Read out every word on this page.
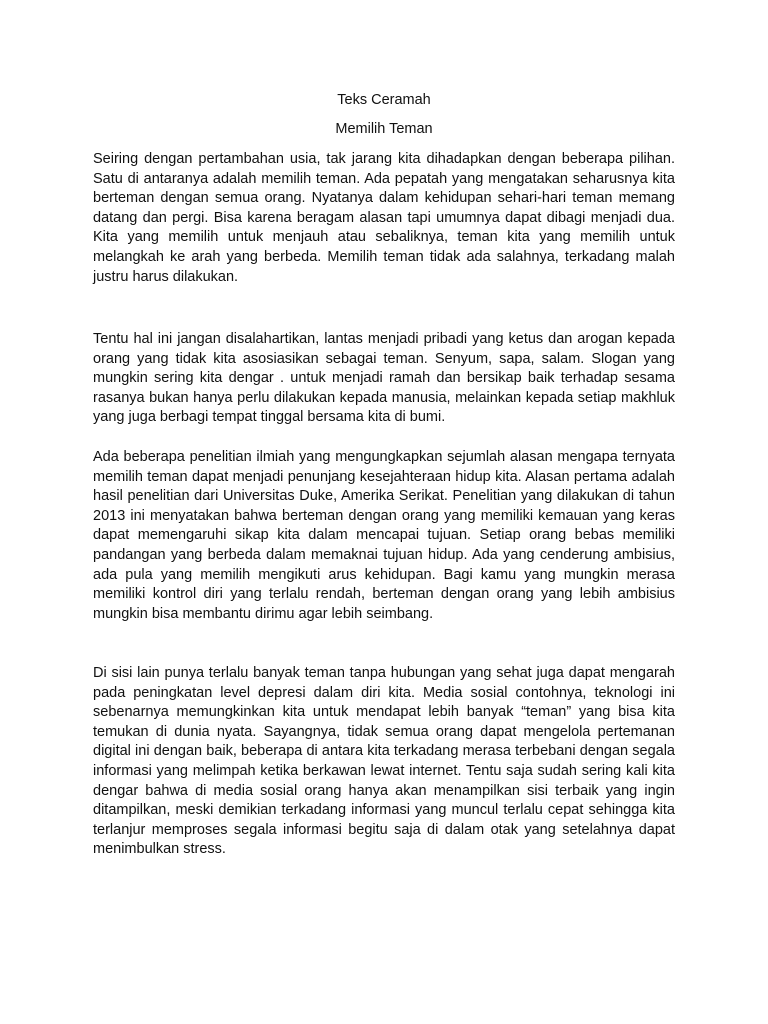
Teks Ceramah

Memilih Teman

Seiring dengan pertambahan usia, tak jarang kita dihadapkan dengan beberapa pilihan. Satu di antaranya adalah memilih teman. Ada pepatah yang mengatakan seharusnya kita berteman dengan semua orang. Nyatanya dalam kehidupan sehari-hari teman memang datang dan pergi. Bisa karena beragam alasan tapi umumnya dapat dibagi menjadi dua. Kita yang memilih untuk menjauh atau sebaliknya, teman kita yang memilih untuk melangkah ke arah yang berbeda. Memilih teman tidak ada salahnya, terkadang malah justru harus dilakukan.

Tentu hal ini jangan disalahartikan, lantas menjadi pribadi yang ketus dan arogan kepada orang yang tidak kita asosiasikan sebagai teman. Senyum, sapa, salam. Slogan yang mungkin sering kita dengar . untuk menjadi ramah dan bersikap baik terhadap sesama rasanya bukan hanya perlu dilakukan kepada manusia, melainkan kepada setiap makhluk yang juga berbagi tempat tinggal bersama kita di bumi.

Ada beberapa penelitian ilmiah yang mengungkapkan sejumlah alasan mengapa ternyata memilih teman dapat menjadi penunjang kesejahteraan hidup kita. Alasan pertama adalah hasil penelitian dari Universitas Duke, Amerika Serikat. Penelitian yang dilakukan di tahun 2013 ini menyatakan bahwa berteman dengan orang yang memiliki kemauan yang keras dapat memengaruhi sikap kita dalam mencapai tujuan. Setiap orang bebas memiliki pandangan yang berbeda dalam memaknai tujuan hidup. Ada yang cenderung ambisius, ada pula yang memilih mengikuti arus kehidupan. Bagi kamu yang mungkin merasa memiliki kontrol diri yang terlalu rendah, berteman dengan orang yang lebih ambisius mungkin bisa membantu dirimu agar lebih seimbang.

Di sisi lain punya terlalu banyak teman tanpa hubungan yang sehat juga dapat mengarah pada peningkatan level depresi dalam diri kita. Media sosial contohnya, teknologi ini sebenarnya memungkinkan kita untuk mendapat lebih banyak “teman” yang bisa kita temukan di dunia nyata. Sayangnya, tidak semua orang dapat mengelola pertemanan digital ini dengan baik, beberapa di antara kita terkadang merasa terbebani dengan segala informasi yang melimpah ketika berkawan lewat internet. Tentu saja sudah sering kali kita dengar bahwa di media sosial orang hanya akan menampilkan sisi terbaik yang ingin ditampilkan, meski demikian terkadang informasi yang muncul terlalu cepat sehingga kita terlanjur memproses segala informasi begitu saja di dalam otak yang setelahnya dapat menimbulkan stress.
